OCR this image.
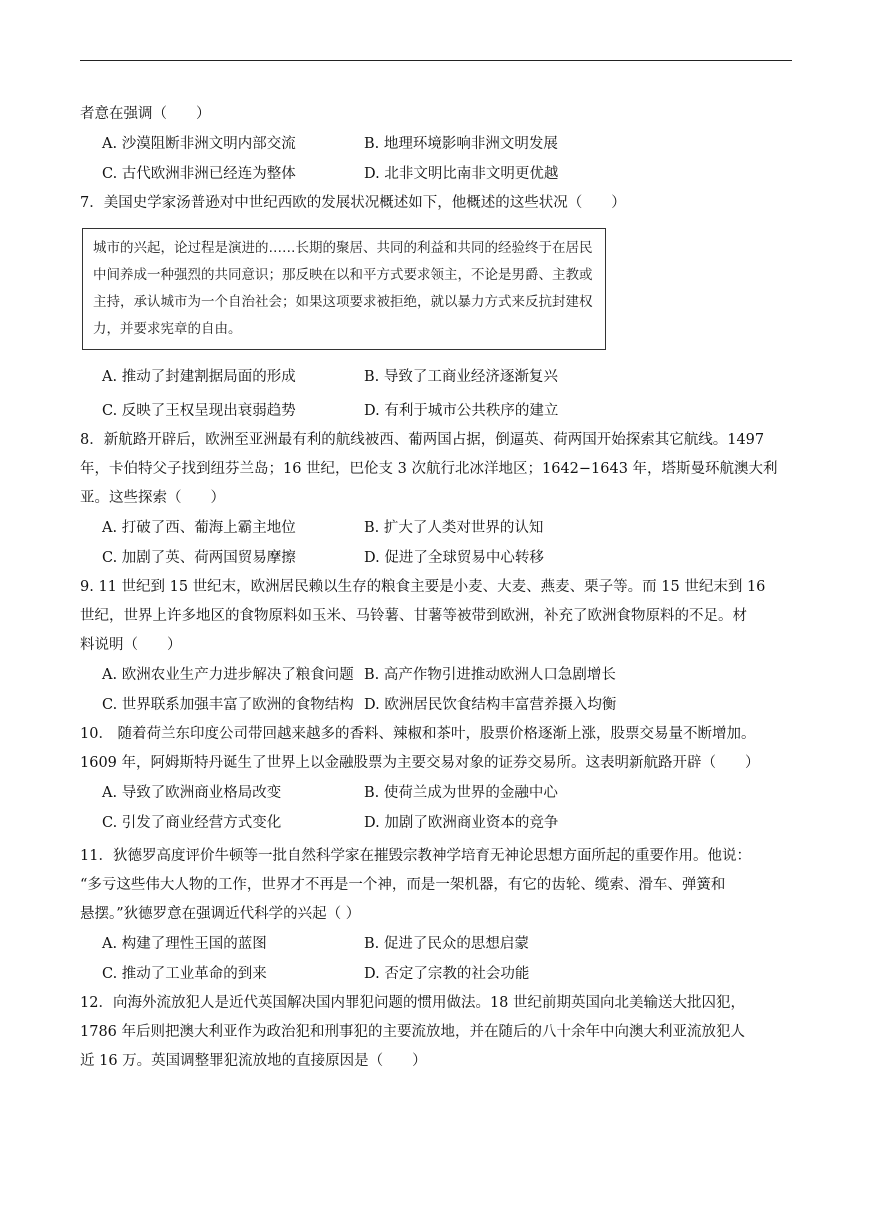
者意在强调（　　）
A. 沙漠阻断非洲文明内部交流	B. 地理环境影响非洲文明发展
C. 古代欧洲非洲已经连为整体	D. 北非文明比南非文明更优越
7．美国史学家汤普逊对中世纪西欧的发展状况概述如下，他概述的这些状况（　　）
城市的兴起，论过程是演进的……长期的聚居、共同的利益和共同的经验终于在居民
中间养成一种强烈的共同意识；那反映在以和平方式要求领主，不论是男爵、主教或
主持，承认城市为一个自治社会；如果这项要求被拒绝，就以暴力方式来反抗封建权
力，并要求宪章的自由。
A. 推动了封建割据局面的形成	B. 导致了工商业经济逐渐复兴
C. 反映了王权呈现出衰弱趋势	D. 有利于城市公共秩序的建立
8．新航路开辟后，欧洲至亚洲最有利的航线被西、葡两国占据，倒逼英、荷两国开始探索其它航线。1497
年，卡伯特父子找到纽芬兰岛；16 世纪，巴伦支 3 次航行北冰洋地区；1642−1643 年，塔斯曼环航澳大利
亚。这些探索（　　）
A. 打破了西、葡海上霸主地位	B. 扩大了人类对世界的认知
C. 加剧了英、荷两国贸易摩擦	D. 促进了全球贸易中心转移
9. 11 世纪到 15 世纪末，欧洲居民赖以生存的粮食主要是小麦、大麦、燕麦、栗子等。而 15 世纪末到 16
世纪，世界上许多地区的食物原料如玉米、马铃薯、甘薯等被带到欧洲，补充了欧洲食物原料的不足。材
料说明（　　）
A. 欧洲农业生产力进步解决了粮食问题 B. 高产作物引进推动欧洲人口急剧增长
C. 世界联系加强丰富了欧洲的食物结构 D. 欧洲居民饮食结构丰富营养摄入均衡
10． 随着荷兰东印度公司带回越来越多的香料、辣椒和茶叶，股票价格逐渐上涨，股票交易量不断增加。
1609 年，阿姆斯特丹诞生了世界上以金融股票为主要交易对象的证券交易所。这表明新航路开辟（　　）
A. 导致了欧洲商业格局改变	B. 使荷兰成为世界的金融中心
C. 引发了商业经营方式变化	D. 加剧了欧洲商业资本的竞争
11．狄德罗高度评价牛顿等一批自然科学家在摧毁宗教神学培育无神论思想方面所起的重要作用。他说：
“多亏这些伟大人物的工作，世界才不再是一个神，而是一架机器，有它的齿轮、缆索、滑车、弹簧和
悬摆。”狄德罗意在强调近代科学的兴起（ ）
A. 构建了理性王国的蓝图	B. 促进了民众的思想启蒙
C. 推动了工业革命的到来	D. 否定了宗教的社会功能
12．向海外流放犯人是近代英国解决国内罪犯问题的惯用做法。18 世纪前期英国向北美输送大批囚犯，
1786 年后则把澳大利亚作为政治犯和刑事犯的主要流放地，并在随后的八十余年中向澳大利亚流放犯人
近 16 万。英国调整罪犯流放地的直接原因是（　　）
